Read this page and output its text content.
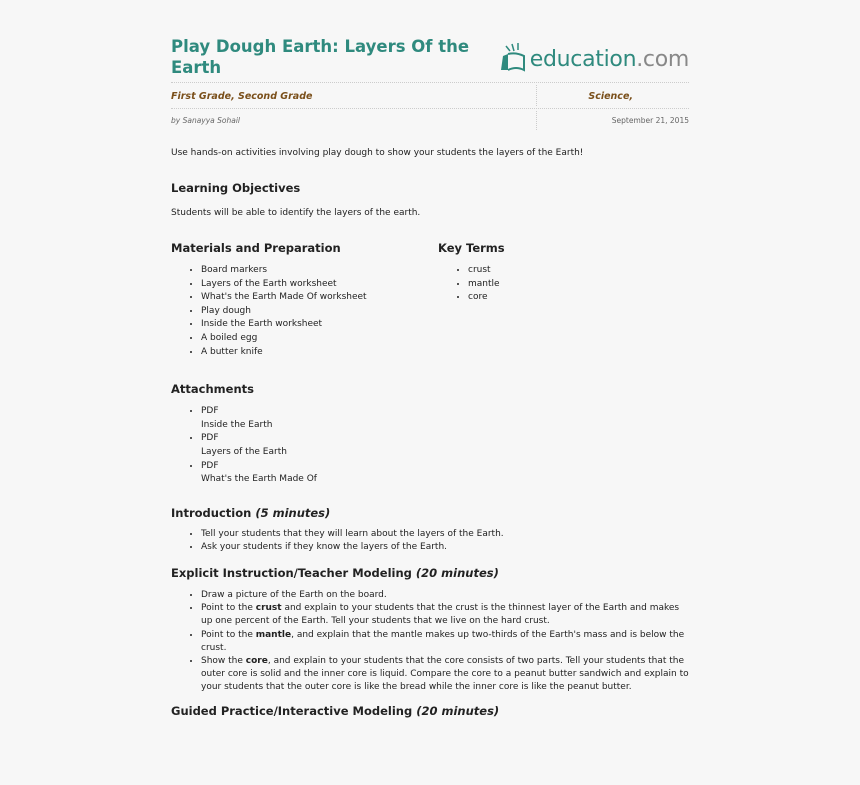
Play Dough Earth: Layers Of the Earth	education .com
First Grade, Second Grade	Science,
by Sanayya Sohail	September 21, 2015

Use hands-on activities involving play dough to show your students the layers of the Earth!

Learning Objectives

Students will be able to identify the layers of the earth.

Materials and Preparation
• Board markers
• Layers of the Earth worksheet
• What's the Earth Made Of worksheet
• Play dough
• Inside the Earth worksheet
• A boiled egg
• A butter knife
Key Terms
• crust
• mantle
• core
Attachments
• PDF
Inside the Earth
• PDF
Layers of the Earth
• PDF
What's the Earth Made Of
Introduction (5 minutes)
• Tell your students that they will learn about the layers of the Earth.
• Ask your students if they know the layers of the Earth.
Explicit Instruction/Teacher Modeling (20 minutes)
• Draw a picture of the Earth on the board.
• Point to the crust and explain to your students that the crust is the thinnest layer of the Earth and makes up one percent of the Earth. Tell your students that we live on the hard crust.
• Point to the mantle, and explain that the mantle makes up two-thirds of the Earth's mass and is below the crust.
• Show the core, and explain to your students that the core consists of two parts. Tell your students that the outer core is solid and the inner core is liquid. Compare the core to a peanut butter sandwich and explain to your students that the outer core is like the bread while the inner core is like the peanut butter.
Guided Practice/Interactive Modeling (20 minutes)
